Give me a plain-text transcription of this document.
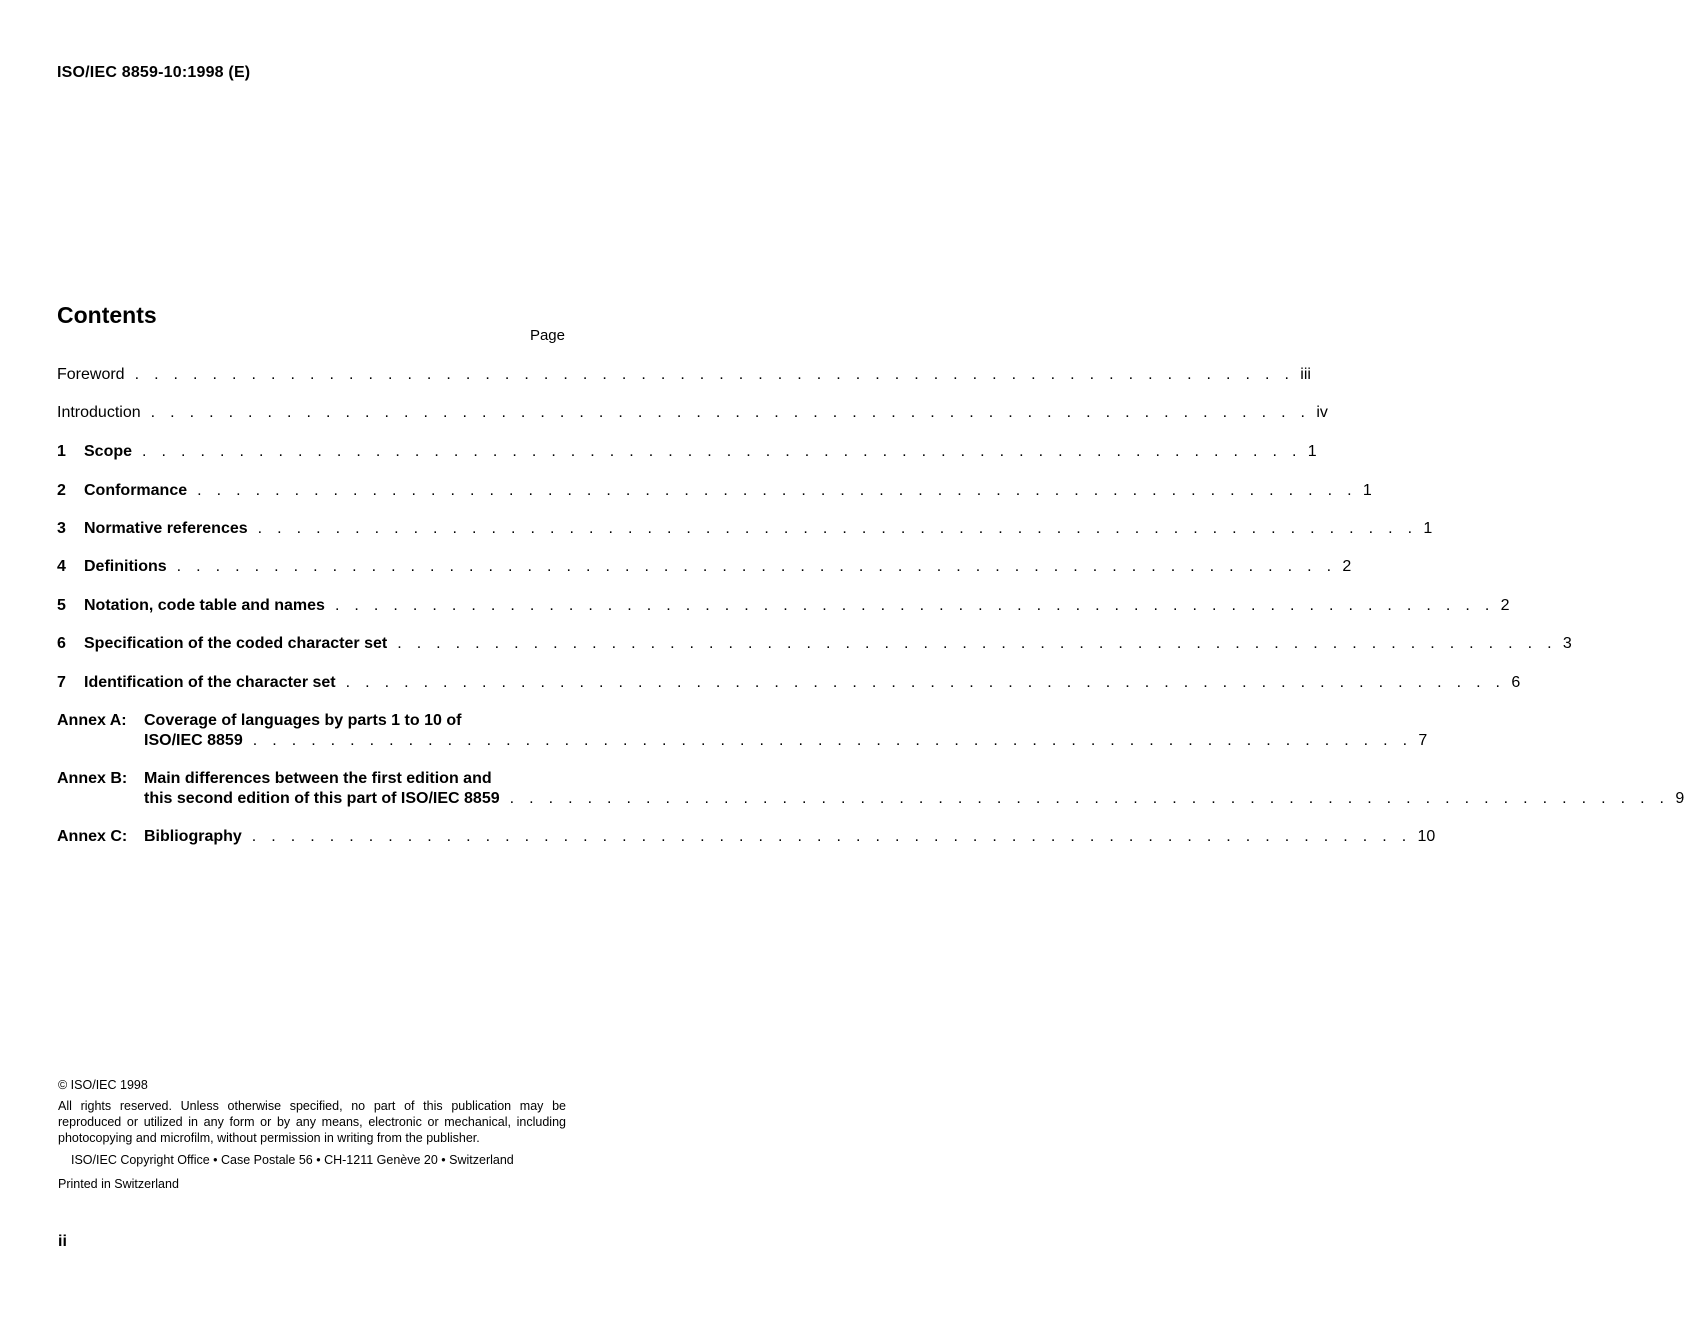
ISO/IEC 8859-10:1998 (E)
Contents
Page
Foreword . . . . . . . . . . . . . . . . . . . . . . . . . . . . . . . . . . . . . . . . . . . . . . . . . . . . . . . . . . . . iii
Introduction . . . . . . . . . . . . . . . . . . . . . . . . . . . . . . . . . . . . . . . . . . . . . . . . . . . . . . . . . . . . iv
1	Scope . . . . . . . . . . . . . . . . . . . . . . . . . . . . . . . . . . . . . . . . . . . . . . . . . . . . . . . . . . . . 1
2	Conformance . . . . . . . . . . . . . . . . . . . . . . . . . . . . . . . . . . . . . . . . . . . . . . . . . . . . . . . . . . . . 1
3	Normative references . . . . . . . . . . . . . . . . . . . . . . . . . . . . . . . . . . . . . . . . . . . . . . . . . . . . . . . . . . . . 1
4	Definitions . . . . . . . . . . . . . . . . . . . . . . . . . . . . . . . . . . . . . . . . . . . . . . . . . . . . . . . . . . . . 2
5	Notation, code table and names . . . . . . . . . . . . . . . . . . . . . . . . . . . . . . . . . . . . . . . . . . . . . . . . . . . . . . . . . . . . 2
6	Specification of the coded character set . . . . . . . . . . . . . . . . . . . . . . . . . . . . . . . . . . . . . . . . . . . . . . . . . . . . . . . . . . . . 3
7	Identification of the character set . . . . . . . . . . . . . . . . . . . . . . . . . . . . . . . . . . . . . . . . . . . . . . . . . . . . . . . . . . . . 6
Annex A:	Coverage of languages by parts 1 to 10 of
ISO/IEC 8859 . . . . . . . . . . . . . . . . . . . . . . . . . . . . . . . . . . . . . . . . . . . . . . . . . . . . . . . . . . . . 7
Annex B:	Main differences between the first edition and
this second edition of this part of ISO/IEC 8859 . . . . . . . . . . . . . . . . . . . . . . . . . . . . . . . . . . . . . . . . . . . . . . . . . . . . . . . . . . . . 9
Annex C:	Bibliography . . . . . . . . . . . . . . . . . . . . . . . . . . . . . . . . . . . . . . . . . . . . . . . . . . . . . . . . . . . . 10

© ISO/IEC 1998

All rights reserved. Unless otherwise specified, no part of this publication may be reproduced or utilized in any form or by any means, electronic or mechanical, including photocopying and microfilm, without permission in writing from the publisher.

ISO/IEC Copyright Office • Case Postale 56 • CH-1211 Genève 20 • Switzerland

Printed in Switzerland

ii
